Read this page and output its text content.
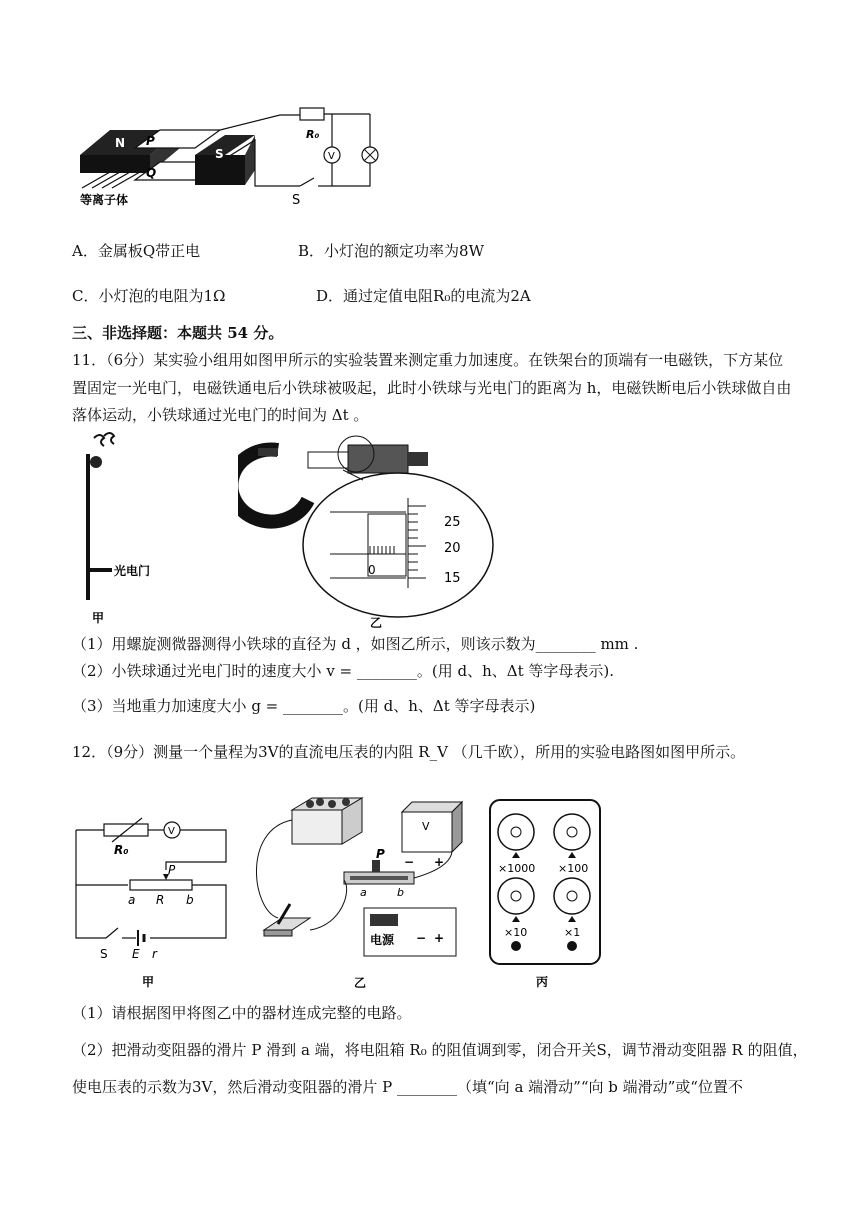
N P
Q
S
等离子体
R₀
V
S
A．金属板Q带正电	B．小灯泡的额定功率为8W
C．小灯泡的电阻为1Ω	D．通过定值电阻R₀的电流为2A
三、非选择题：本题共 54 分。
11．（6分）某实验小组用如图甲所示的实验装置来测定重力加速度。在铁架台的顶端有一电磁铁，下方某位
置固定一光电门，电磁铁通电后小铁球被吸起，此时小铁球与光电门的距离为 h，电磁铁断电后小铁球做自由
落体运动，小铁球通过光电门的时间为 Δt 。
光电门
甲
25
20
15
0
乙
（1）用螺旋测微器测得小铁球的直径为 d ，如图乙所示，则该示数为________ mm .
（2）小铁球通过光电门时的速度大小 v = ________。(用 d、h、Δt 等字母表示).
（3）当地重力加速度大小 g = ________。(用 d、h、Δt 等字母表示)
12．（9分）测量一个量程为3V的直流电压表的内阻 R_V （几千欧），所用的实验电路图如图甲所示。
V
R₀
P
a R b
S E r
甲
V
− +
P
a	b
电源 − +
乙
×1000 ×100
×10	×1
丙
（1）请根据图甲将图乙中的器材连成完整的电路。
（2）把滑动变阻器的滑片 P 滑到 a 端，将电阻箱 R₀ 的阻值调到零，闭合开关S，调节滑动变阻器 R 的阻值，
使电压表的示数为3V，然后滑动变阻器的滑片 P ________（填“向 a 端滑动”“向 b 端滑动”或“位置不
